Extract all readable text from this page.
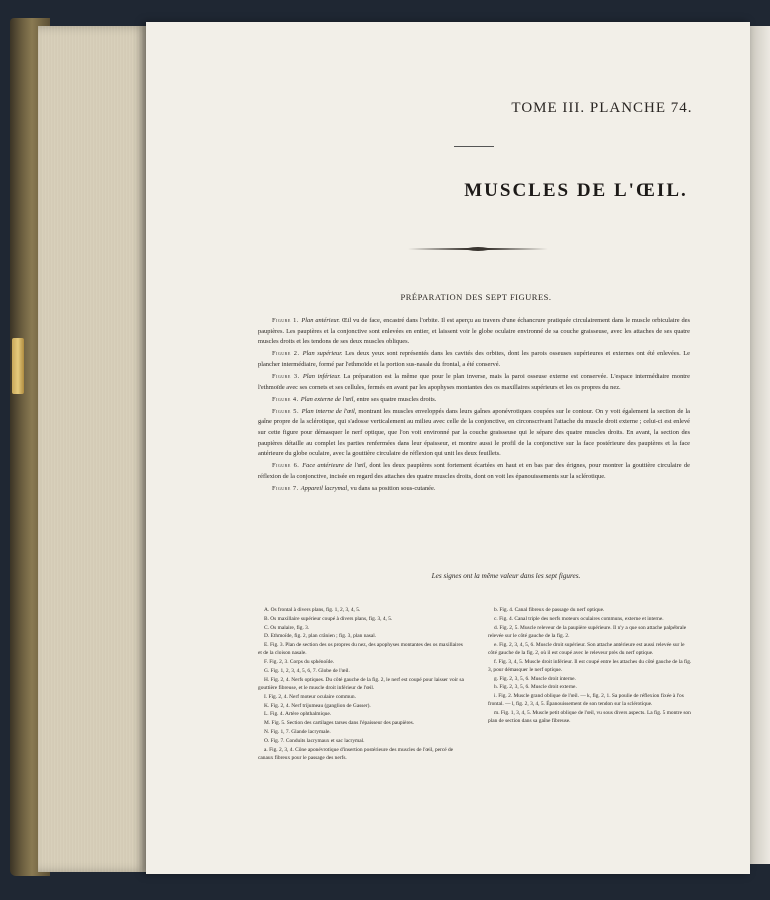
TOME III. PLANCHE 74.
MUSCLES DE L'ŒIL.
PRÉPARATION DES SEPT FIGURES.
Figure 1. Plan antérieur. Œil vu de face, encastré dans l'orbite. Il est aperçu au travers d'une échancrure pratiquée circulairement dans le muscle orbiculaire des paupières. Les paupières et la conjonctive sont enlevées en entier, et laissent voir le globe oculaire environné de sa couche graisseuse, avec les attaches de ses quatre muscles droits et les tendons de ses deux muscles obliques.
Figure 2. Plan supérieur. Les deux yeux sont représentés dans les cavités des orbites, dont les parois osseuses supérieures et externes ont été enlevées. Le plancher intermédiaire, formé par l'ethmoïde et la portion sus-nasale du frontal, a été conservé.
Figure 3. Plan inférieur. La préparation est la même que pour le plan inverse, mais la paroi osseuse externe est conservée. L'espace intermédiaire montre l'ethmoïde avec ses cornets et ses cellules, fermés en avant par les apophyses montantes des os maxillaires supérieurs et les os propres du nez.
Figure 4. Plan externe de l'œil, entre ses quatre muscles droits.
Figure 5. Plan interne de l'œil, montrant les muscles enveloppés dans leurs gaînes aponévrotiques coupées sur le contour. On y voit également la section de la gaîne propre de la sclérotique, qui s'adosse verticalement au milieu avec celle de la conjonctive, en circonscrivant l'attache du muscle droit externe ; celui-ci est enlevé sur cette figure pour démasquer le nerf optique, que l'on voit environné par la couche graisseuse qui le sépare des quatre muscles droits. En avant, la section des paupières détaille au complet les parties renfermées dans leur épaisseur, et montre aussi le profil de la conjonctive sur la face postérieure des paupières et la face antérieure du globe oculaire, avec la gouttière circulaire de réflexion qui unit les deux feuillets.
Figure 6. Face antérieure de l'œil, dont les deux paupières sont fortement écartées en haut et en bas par des érignes, pour montrer la gouttière circulaire de réflexion de la conjonctive, incisée en regard des attaches des quatre muscles droits, dont on voit les épanouissements sur la sclérotique.
Figure 7. Appareil lacrymal, vu dans sa position sous-cutanée.
Les signes ont la même valeur dans les sept figures.
A. Os frontal à divers plans, fig. 1, 2, 3, 4, 5.
B. Os maxillaire supérieur coupé à divers plans, fig. 3, 4, 5.
C. Os malaire, fig. 3.
D. Ethmoïde, fig. 2, plan crânien ; fig. 3, plan nasal.
E. Fig. 3. Plan de section des os propres du nez, des apophyses montantes des os maxillaires et de la cloison nasale.
F. Fig. 2, 3. Corps du sphénoïde.
G. Fig. 1, 2, 3, 4, 5, 6, 7. Globe de l'œil.
H. Fig. 2, 4. Nerfs optiques. Du côté gauche de la fig. 2, le nerf est coupé pour laisser voir sa gouttière fibreuse, et le muscle droit inférieur de l'œil.
I. Fig. 2, 4. Nerf moteur oculaire commun.
K. Fig. 2, 4. Nerf trijumeau (ganglion de Gasser).
L. Fig. 4. Artère ophthalmique.
M. Fig. 5. Section des cartilages tarses dans l'épaisseur des paupières.
N. Fig. 1, 7. Glande lacrymale.
O. Fig. 7. Conduits lacrymaux et sac lacrymal.
a. Fig. 2, 3, 4. Cône aponévrotique d'insertion postérieure des muscles de l'œil, percé de canaux fibreux pour le passage des nerfs.
b. Fig. 4. Canal fibreux de passage du nerf optique.
c. Fig. 4. Canal triple des nerfs moteurs oculaires communs, externe et interne.
d. Fig. 2, 5. Muscle releveur de la paupière supérieure. Il n'y a que son attache palpébrale relevée sur le côté gauche de la fig. 2.
e. Fig. 2, 3, 4, 5, 6. Muscle droit supérieur. Son attache antérieure est aussi relevée sur le côté gauche de la fig. 2, où il est coupé avec le releveur près du nerf optique.
f. Fig. 3, 4, 5. Muscle droit inférieur. Il est coupé entre les attaches du côté gauche de la fig. 3, pour démasquer le nerf optique.
g. Fig. 2, 3, 5, 6. Muscle droit interne.
h. Fig. 2, 3, 5, 6. Muscle droit externe.
i. Fig. 2. Muscle grand oblique de l'œil. — k, fig. 2, 1. Sa poulie de réflexion fixée à l'os frontal. — l, fig. 2, 3, 4, 5. Épanouissement de son tendon sur la sclérotique.
m. Fig. 1, 3, 4, 5. Muscle petit oblique de l'œil, vu sous divers aspects. La fig. 5 montre son plan de section dans sa gaîne fibreuse.
